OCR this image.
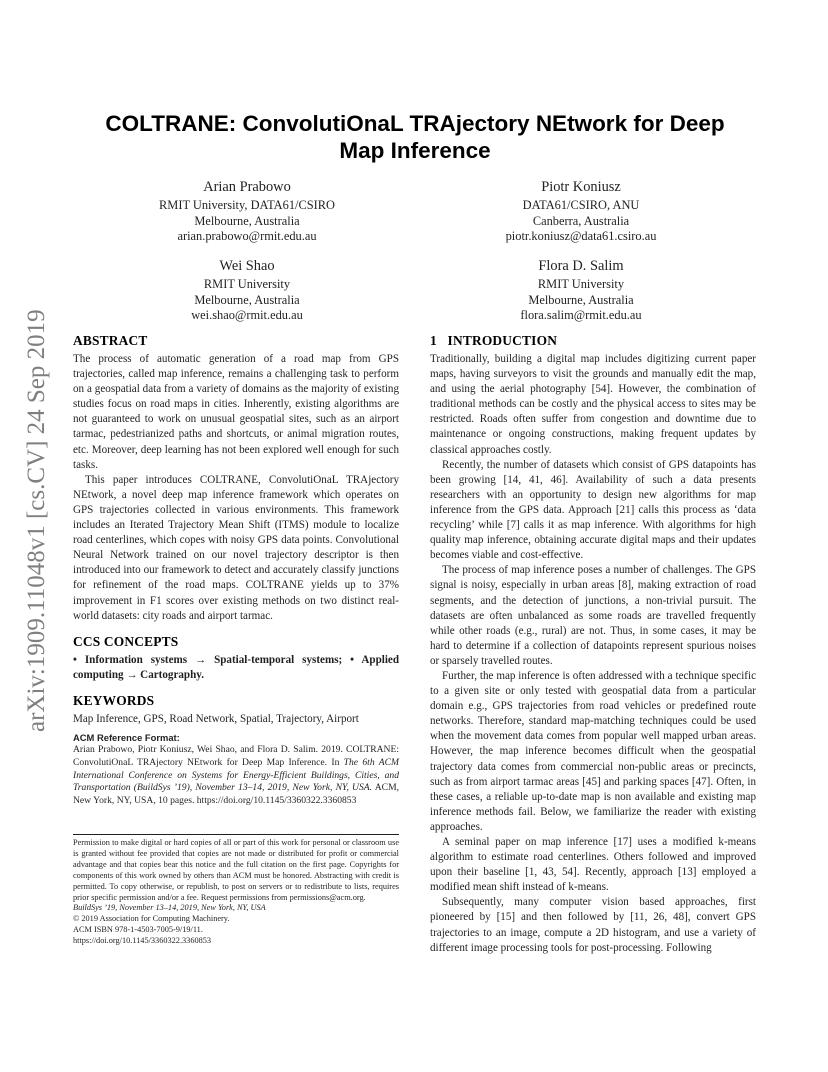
arXiv:1909.11048v1 [cs.CV] 24 Sep 2019
COLTRANE: ConvolutiOnaL TRAjectory NEtwork for Deep Map Inference
Arian Prabowo
RMIT University, DATA61/CSIRO
Melbourne, Australia
arian.prabowo@rmit.edu.au
Piotr Koniusz
DATA61/CSIRO, ANU
Canberra, Australia
piotr.koniusz@data61.csiro.au
Wei Shao
RMIT University
Melbourne, Australia
wei.shao@rmit.edu.au
Flora D. Salim
RMIT University
Melbourne, Australia
flora.salim@rmit.edu.au
ABSTRACT

The process of automatic generation of a road map from GPS trajectories, called map inference, remains a challenging task to perform on a geospatial data from a variety of domains as the majority of existing studies focus on road maps in cities. Inherently, existing algorithms are not guaranteed to work on unusual geospatial sites, such as an airport tarmac, pedestrianized paths and shortcuts, or animal migration routes, etc. Moreover, deep learning has not been explored well enough for such tasks.

This paper introduces COLTRANE, ConvolutiOnaL TRAjectory NEtwork, a novel deep map inference framework which operates on GPS trajectories collected in various environments. This framework includes an Iterated Trajectory Mean Shift (ITMS) module to localize road centerlines, which copes with noisy GPS data points. Convolutional Neural Network trained on our novel trajectory descriptor is then introduced into our framework to detect and accurately classify junctions for refinement of the road maps. COLTRANE yields up to 37% improvement in F1 scores over existing methods on two distinct real-world datasets: city roads and airport tarmac.

CCS CONCEPTS

• Information systems → Spatial-temporal systems; • Applied computing → Cartography.

KEYWORDS

Map Inference, GPS, Road Network, Spatial, Trajectory, Airport

ACM Reference Format:

Arian Prabowo, Piotr Koniusz, Wei Shao, and Flora D. Salim. 2019. COLTRANE: ConvolutiOnaL TRAjectory NEtwork for Deep Map Inference. In The 6th ACM International Conference on Systems for Energy-Efficient Buildings, Cities, and Transportation (BuildSys ’19), November 13–14, 2019, New York, NY, USA. ACM, New York, NY, USA, 10 pages. https://doi.org/10.1145/3360322.3360853

Permission to make digital or hard copies of all or part of this work for personal or classroom use is granted without fee provided that copies are not made or distributed for profit or commercial advantage and that copies bear this notice and the full citation on the first page. Copyrights for components of this work owned by others than ACM must be honored. Abstracting with credit is permitted. To copy otherwise, or republish, to post on servers or to redistribute to lists, requires prior specific permission and/or a fee. Request permissions from permissions@acm.org.
BuildSys ’19, November 13–14, 2019, New York, NY, USA
© 2019 Association for Computing Machinery.
ACM ISBN 978-1-4503-7005-9/19/11.
https://doi.org/10.1145/3360322.3360853
1   INTRODUCTION

Traditionally, building a digital map includes digitizing current paper maps, having surveyors to visit the grounds and manually edit the map, and using the aerial photography [54]. However, the combination of traditional methods can be costly and the physical access to sites may be restricted. Roads often suffer from congestion and downtime due to maintenance or ongoing constructions, making frequent updates by classical approaches costly.

Recently, the number of datasets which consist of GPS datapoints has been growing [14, 41, 46]. Availability of such a data presents researchers with an opportunity to design new algorithms for map inference from the GPS data. Approach [21] calls this process as ‘data recycling’ while [7] calls it as map inference. With algorithms for high quality map inference, obtaining accurate digital maps and their updates becomes viable and cost-effective.

The process of map inference poses a number of challenges. The GPS signal is noisy, especially in urban areas [8], making extraction of road segments, and the detection of junctions, a non-trivial pursuit. The datasets are often unbalanced as some roads are travelled frequently while other roads (e.g., rural) are not. Thus, in some cases, it may be hard to determine if a collection of datapoints represent spurious noises or sparsely travelled routes.

Further, the map inference is often addressed with a technique specific to a given site or only tested with geospatial data from a particular domain e.g., GPS trajectories from road vehicles or predefined route networks. Therefore, standard map-matching techniques could be used when the movement data comes from popular well mapped urban areas. However, the map inference becomes difficult when the geospatial trajectory data comes from commercial non-public areas or precincts, such as from airport tarmac areas [45] and parking spaces [47]. Often, in these cases, a reliable up-to-date map is non available and existing map inference methods fail. Below, we familiarize the reader with existing approaches.

A seminal paper on map inference [17] uses a modified k-means algorithm to estimate road centerlines. Others followed and improved upon their baseline [1, 43, 54]. Recently, approach [13] employed a modified mean shift instead of k-means.

Subsequently, many computer vision based approaches, first pioneered by [15] and then followed by [11, 26, 48], convert GPS trajectories to an image, compute a 2D histogram, and use a variety of different image processing tools for post-processing. Following
